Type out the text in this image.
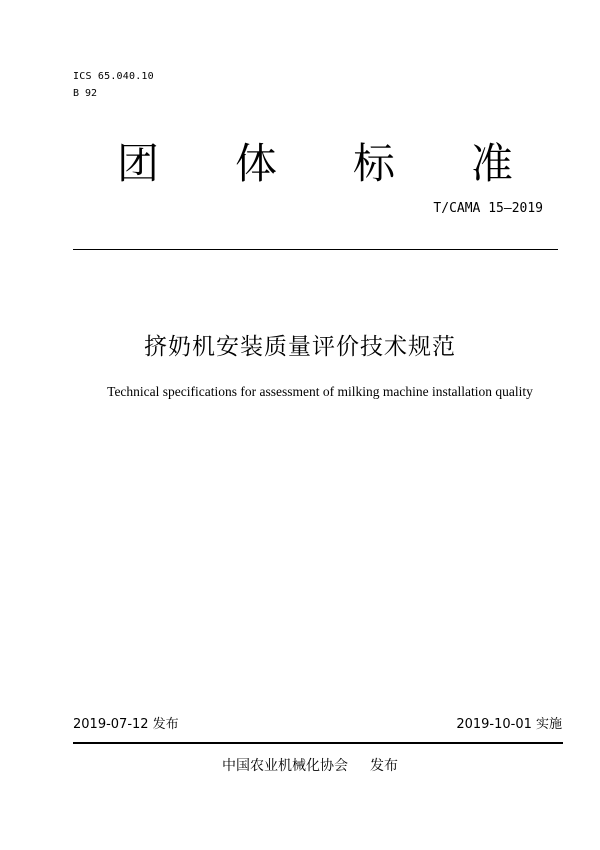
ICS 65.040.10
B 92
团 体 标 准
T/CAMA 15—2019
挤奶机安装质量评价技术规范
Technical specifications for assessment of milking machine installation quality
2019-07-12 发布	2019-10-01 实施
中国农业机械化协会 发布
